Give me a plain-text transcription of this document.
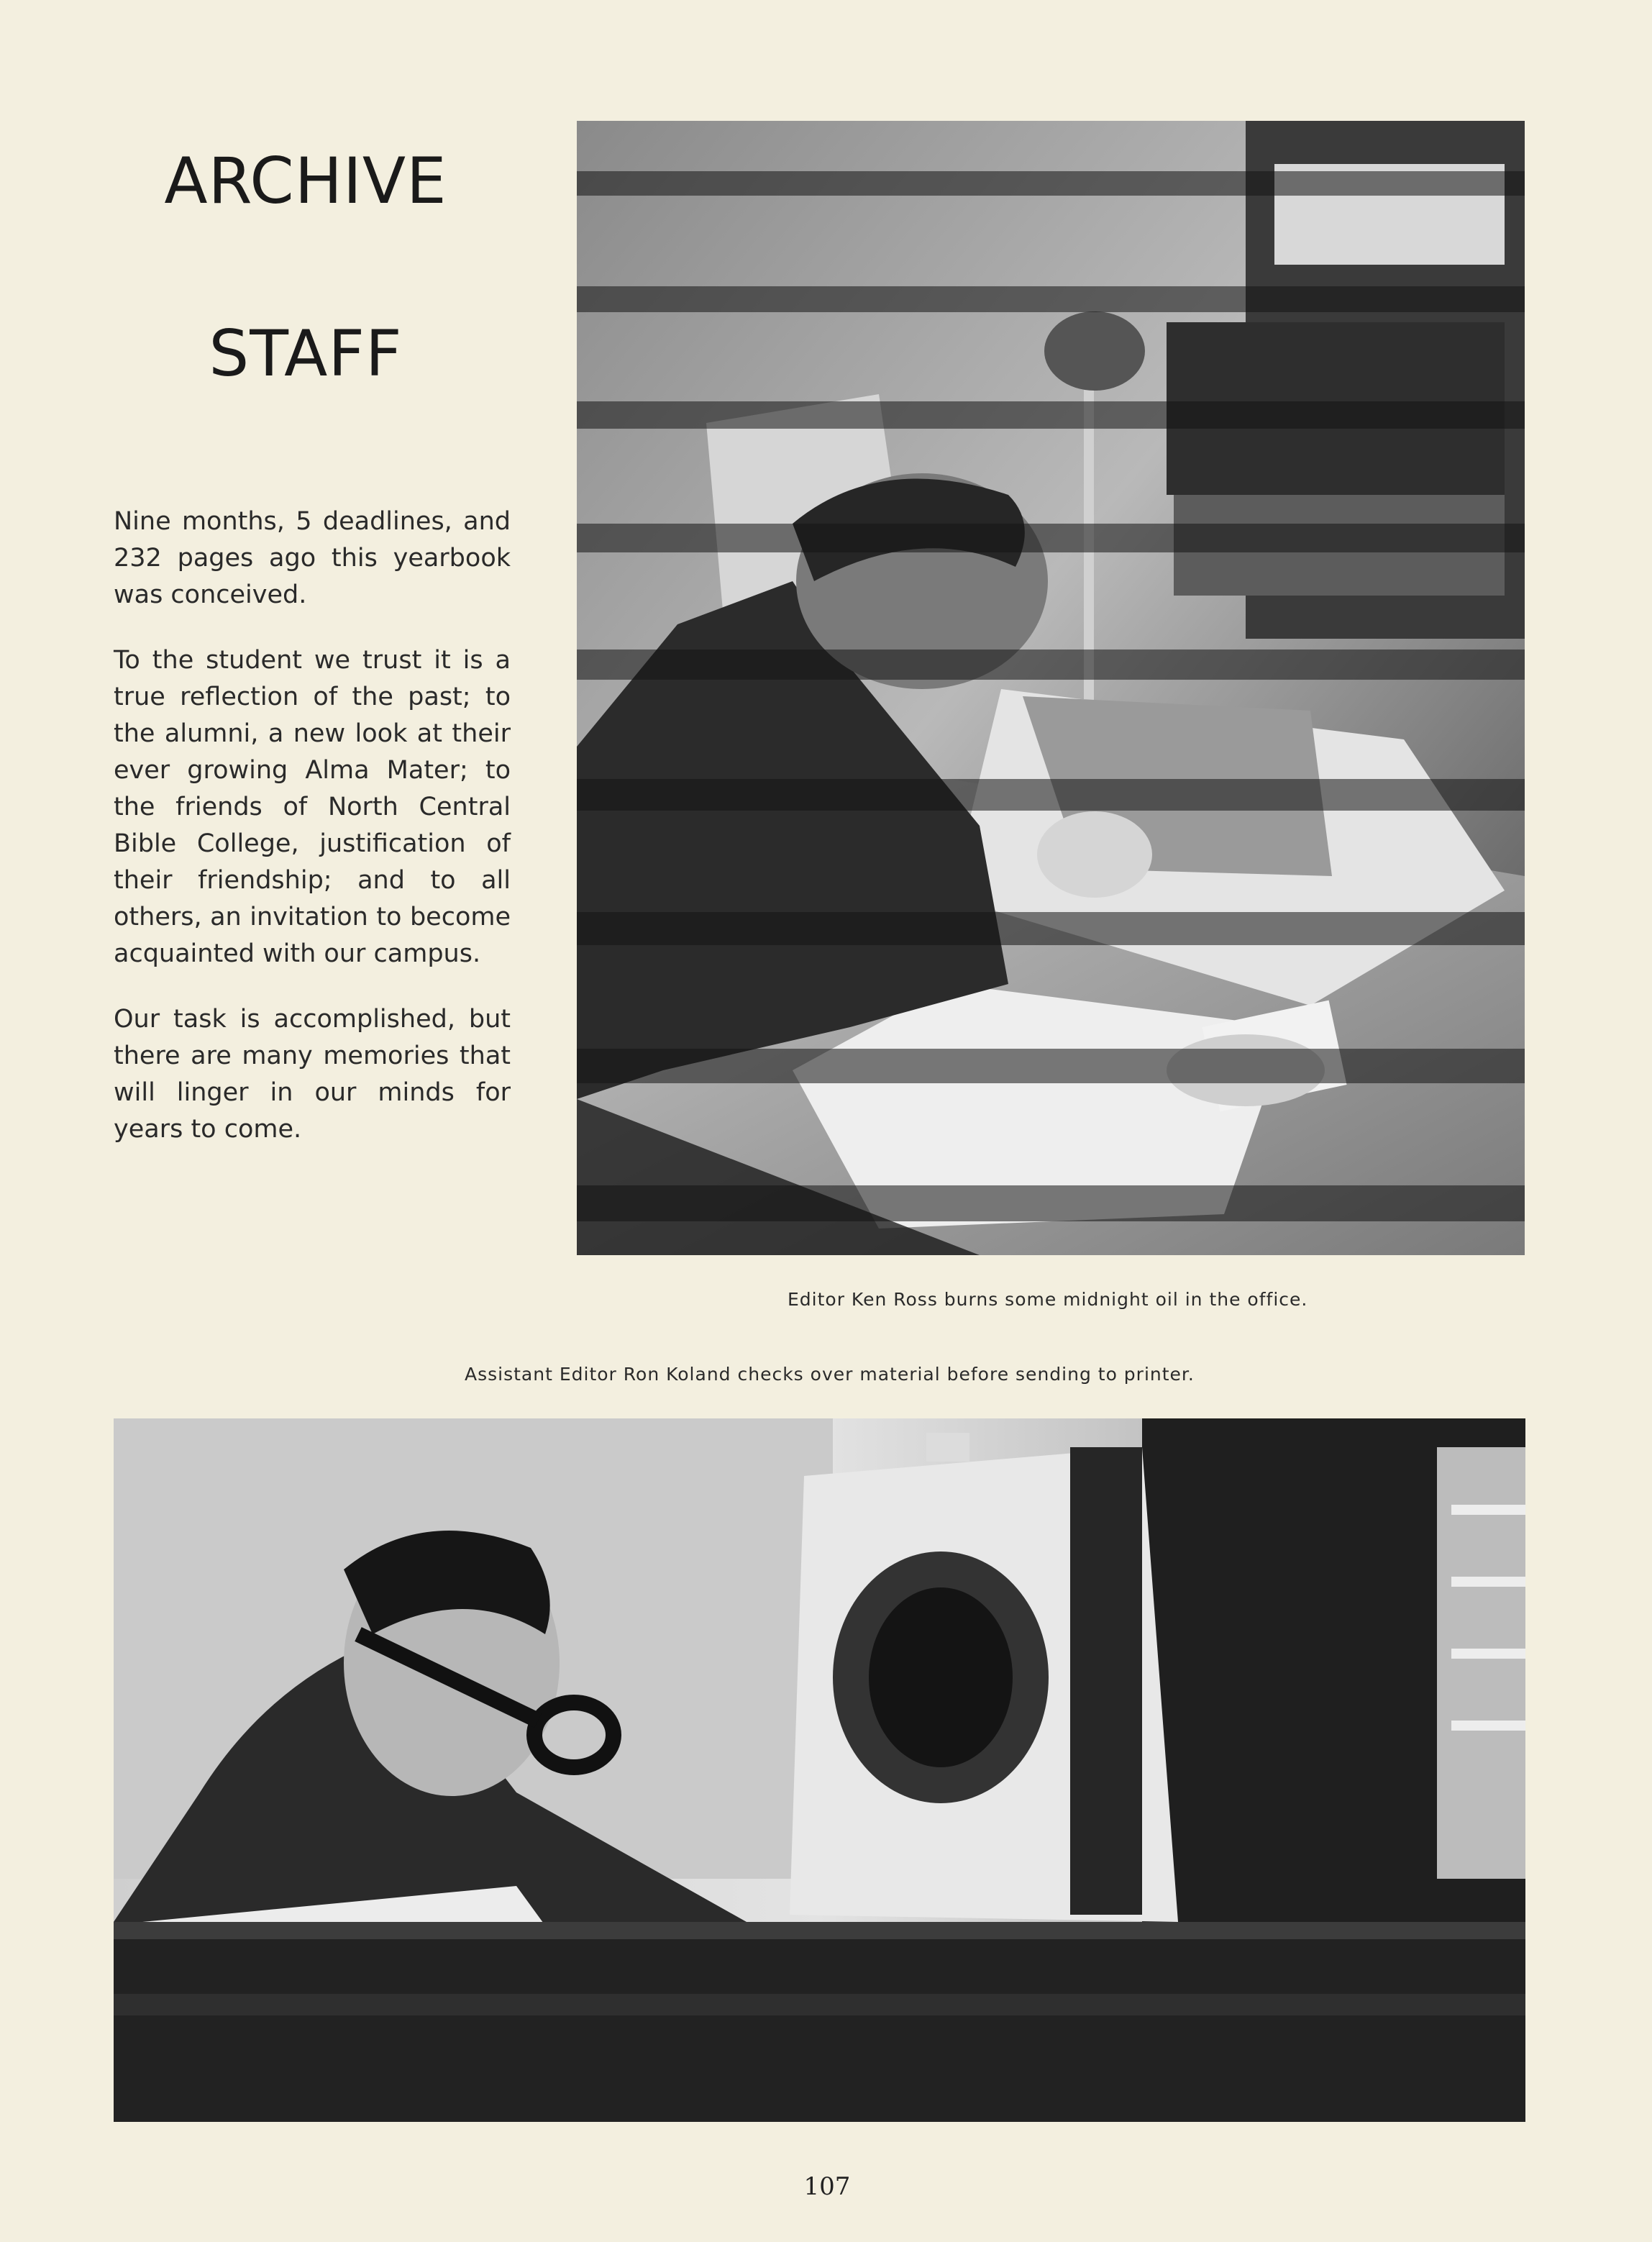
ARCHIVE
STAFF

Nine months, 5 deadlines, and 232 pages ago this yearbook was conceived.

To the student we trust it is a true reflection of the past; to the alumni, a new look at their ever growing Alma Mater; to the friends of North Central Bible College, justification of their friendship; and to all others, an invitation to become acquainted with our campus.

Our task is accomplished, but there are many memories that will linger in our minds for years to come.

Editor Ken Ross burns some midnight oil in the office.
Assistant Editor Ron Koland checks over material before sending to printer.
107
